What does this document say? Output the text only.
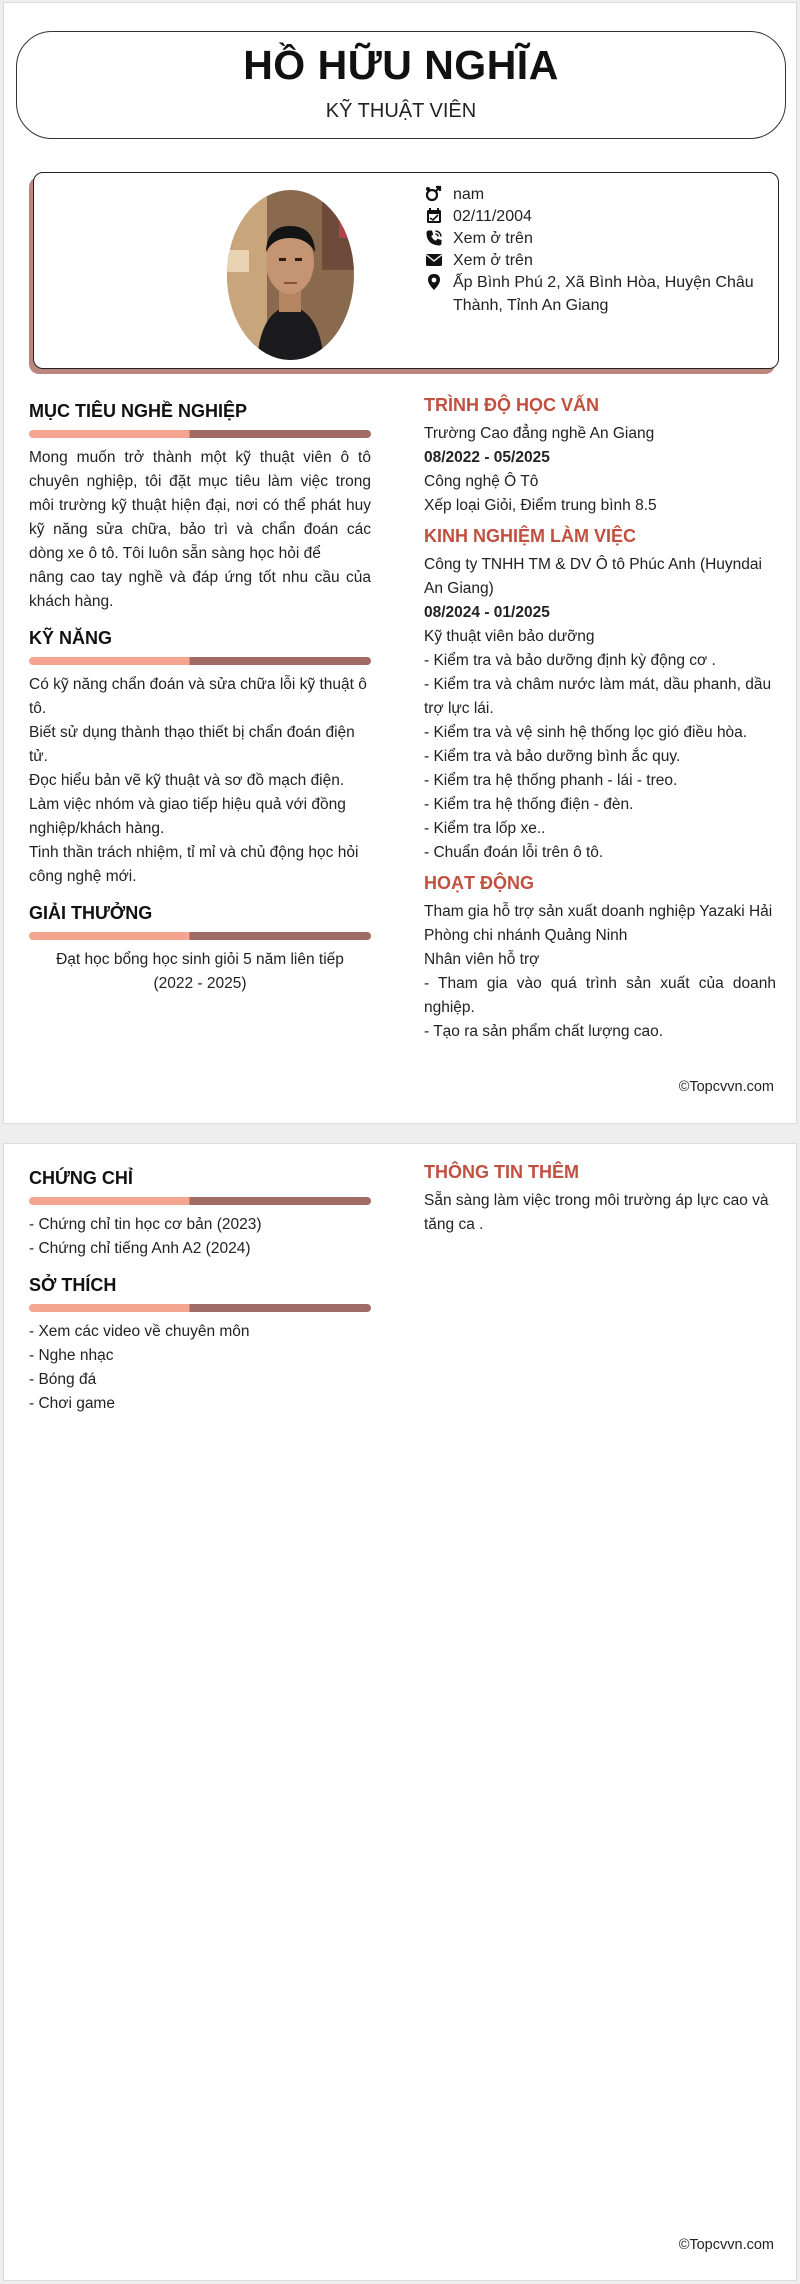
HỒ HỮU NGHĨA
KỸ THUẬT VIÊN
nam
02/11/2004
Xem ở trên
Xem ở trên
Ấp Bình Phú 2, Xã Bình Hòa, Huyện Châu Thành, Tỉnh An Giang
MỤC TIÊU NGHỀ NGHIỆP

Mong muốn trở thành một kỹ thuật viên ô tô chuyên nghiệp, tôi đặt mục tiêu làm việc trong môi trường kỹ thuật hiện đại, nơi có thể phát huy kỹ năng sửa chữa, bảo trì và chẩn đoán các dòng xe ô tô. Tôi luôn sẵn sàng học hỏi để

nâng cao tay nghề và đáp ứng tốt nhu cầu của khách hàng.

KỸ NĂNG

Có kỹ năng chẩn đoán và sửa chữa lỗi kỹ thuật ô tô.

Biết sử dụng thành thạo thiết bị chẩn đoán điện tử.

Đọc hiểu bản vẽ kỹ thuật và sơ đồ mạch điện.

Làm việc nhóm và giao tiếp hiệu quả với đồng nghiệp/khách hàng.

Tinh thần trách nhiệm, tỉ mỉ và chủ động học hỏi công nghệ mới.

GIẢI THƯỞNG

Đạt học bổng học sinh giỏi 5 năm liên tiếp

(2022 - 2025)

TRÌNH ĐỘ HỌC VẤN

Trường Cao đẳng nghề An Giang

08/2022 - 05/2025

Công nghệ Ô Tô

Xếp loại Giỏi, Điểm trung bình 8.5

KINH NGHIỆM LÀM VIỆC

Công ty TNHH TM & DV Ô tô Phúc Anh (Huyndai An Giang)

08/2024 - 01/2025

Kỹ thuật viên bảo dưỡng

- Kiểm tra và bảo dưỡng định kỳ động cơ .

- Kiểm tra và châm nước làm mát, dầu phanh, dầu trợ lực lái.

- Kiểm tra và vệ sinh hệ thống lọc gió điều hòa.

- Kiểm tra và bảo dưỡng bình ắc quy.

- Kiểm tra hệ thống phanh - lái - treo.

- Kiểm tra hệ thống điện - đèn.

- Kiểm tra lốp xe..

- Chuẩn đoán lỗi trên ô tô.

HOẠT ĐỘNG

Tham gia hỗ trợ sản xuất doanh nghiệp Yazaki Hải Phòng chi nhánh Quảng Ninh

Nhân viên hỗ trợ

- Tham gia vào quá trình sản xuất của doanh nghiệp.

- Tạo ra sản phẩm chất lượng cao.

©Topcvvn.com
CHỨNG CHỈ

- Chứng chỉ tin học cơ bản (2023)

- Chứng chỉ tiếng Anh A2 (2024)

SỞ THÍCH

- Xem các video về chuyên môn

- Nghe nhạc

- Bóng đá

- Chơi game

THÔNG TIN THÊM

Sẵn sàng làm việc trong môi trường áp lực cao và tăng ca .

©Topcvvn.com
